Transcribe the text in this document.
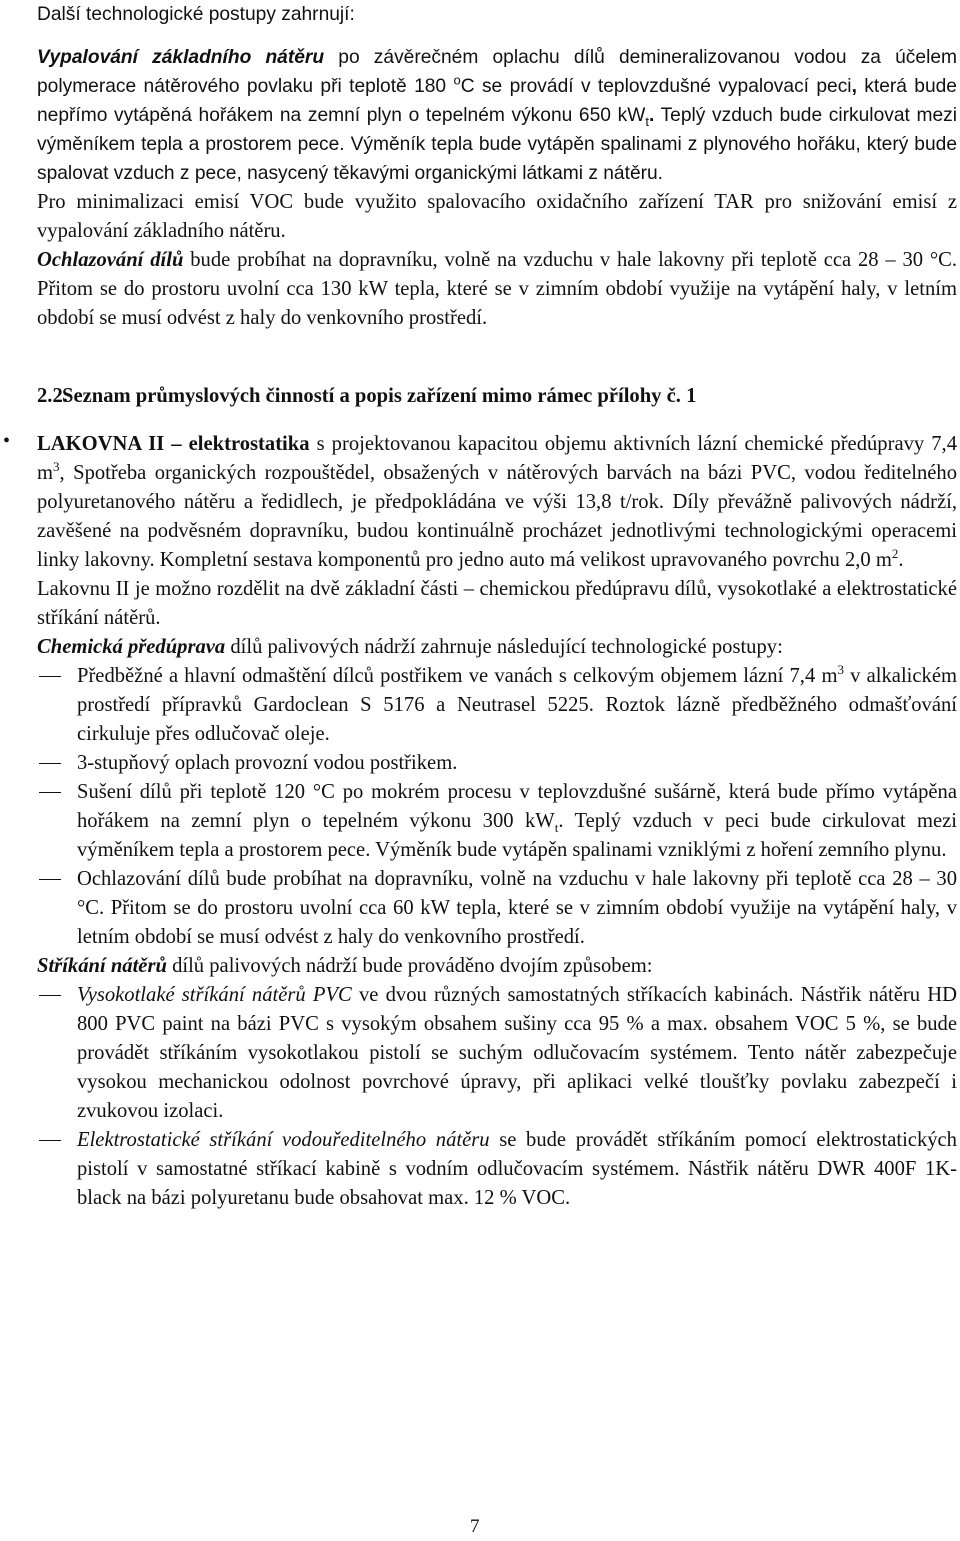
Další technologické postupy zahrnují:

Vypalování základního nátěru po závěrečném oplachu dílů demineralizovanou vodou za účelem polymerace nátěrového povlaku při teplotě 180 $^o$C se provádí v teplovzdušné vypalovací peci, která bude nepřímo vytápěná hořákem na zemní plyn o tepelném výkonu 650 $kW_t$. Teplý vzduch bude cirkulovat mezi výměníkem tepla a prostorem pece. Výměník tepla bude vytápěn spalinami z plynového hořáku, který bude spalovat vzduch z pece, nasycený těkavými organickými látkami z nátěru.

Pro minimalizaci emisí VOC bude využito spalovacího oxidačního zařízení TAR pro snižování emisí z vypalování základního nátěru.

Ochlazování dílů bude probíhat na dopravníku, volně na vzduchu v hale lakovny při teplotě cca 28 – 30 °C. Přitom se do prostoru uvolní cca 130 kW tepla, které se v zimním období využije na vytápění haly, v letním období se musí odvést z haly do venkovního prostředí.

2.2.Seznam průmyslových činností a popis zařízení mimo rámec přílohy č. 1

• LAKOVNA II – elektrostatika s projektovanou kapacitou objemu aktivních lázní chemické předúpravy 7,4 $m^3$, Spotřeba organických rozpouštědel, obsažených v nátěrových barvách na bázi PVC, vodou ředitelného polyuretanového nátěru a ředidlech, je předpokládána ve výši 13,8 t/rok. Díly převážně palivových nádrží, zavěšené na podvěsném dopravníku, budou kontinuálně procházet jednotlivými technologickými operacemi linky lakovny. Kompletní sestava komponentů pro jedno auto má velikost upravovaného povrchu 2,0 $m^2$.

Lakovnu II je možno rozdělit na dvě základní části – chemickou předúpravu dílů, vysokotlaké a elektrostatické stříkání nátěrů.

Chemická předúprava dílů palivových nádrží zahrnuje následující technologické postupy:

Předběžné a hlavní odmaštění dílců postřikem ve vanách s celkovým objemem lázní 7,4 $m^3$ v alkalickém prostředí přípravků Gardoclean S 5176 a Neutrasel 5225. Roztok lázně předběžného odmašťování cirkuluje přes odlučovač oleje.
3-stupňový oplach provozní vodou postřikem.
Sušení dílů při teplotě 120 °C po mokrém procesu v teplovzdušné sušárně, která bude přímo vytápěna hořákem na zemní plyn o tepelném výkonu 300 $kW_t$. Teplý vzduch v peci bude cirkulovat mezi výměníkem tepla a prostorem pece. Výměník bude vytápěn spalinami vzniklými z hoření zemního plynu.
Ochlazování dílů bude probíhat na dopravníku, volně na vzduchu v hale lakovny při teplotě cca 28 – 30 °C. Přitom se do prostoru uvolní cca 60 kW tepla, které se v zimním období využije na vytápění haly, v letním období se musí odvést z haly do venkovního prostředí.

Stříkání nátěrů dílů palivových nádrží bude prováděno dvojím způsobem:

Vysokotlaké stříkání nátěrů PVC ve dvou různých samostatných stříkacích kabinách. Nástřik nátěru HD 800 PVC paint na bázi PVC s vysokým obsahem sušiny cca 95 % a max. obsahem VOC 5 %, se bude provádět stříkáním vysokotlakou pistolí se suchým odlučovacím systémem. Tento nátěr zabezpečuje vysokou mechanickou odolnost povrchové úpravy, při aplikaci velké tloušťky povlaku zabezpečí i zvukovou izolaci.
Elektrostatické stříkání vodouředitelného nátěru se bude provádět stříkáním pomocí elektrostatických pistolí v samostatné stříkací kabině s vodním odlučovacím systémem. Nástřik nátěru DWR 400F 1K- black na bázi polyuretanu bude obsahovat max. 12 % VOC.
7
